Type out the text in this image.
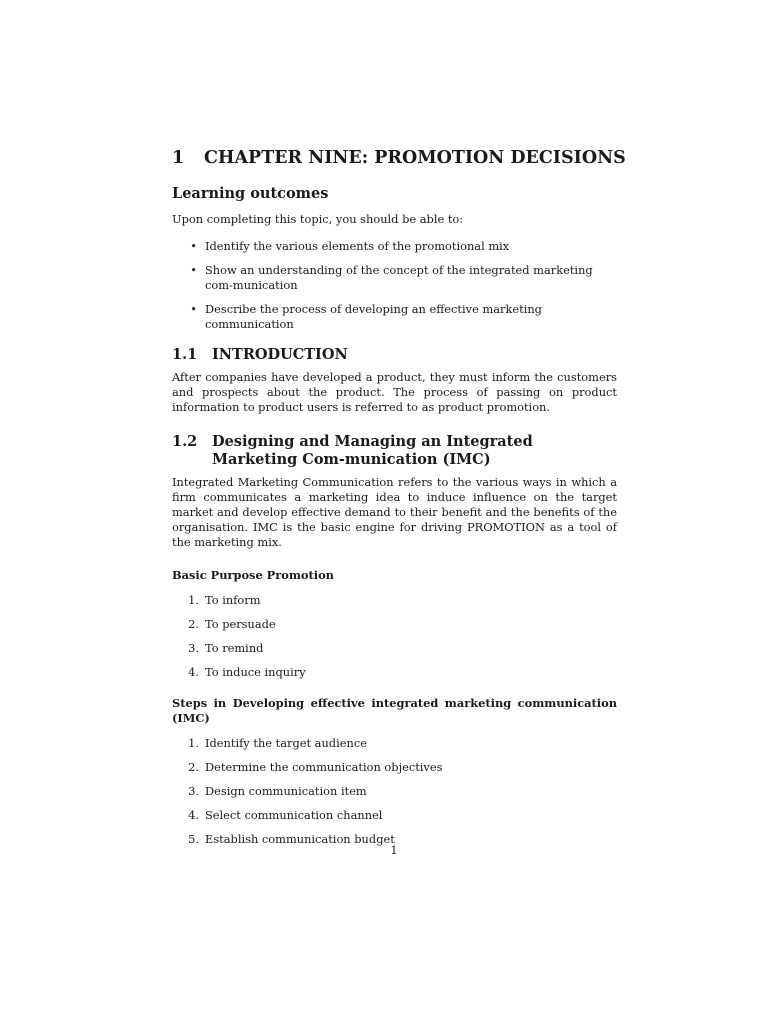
1 CHAPTER NINE: PROMOTION DECISIONS
Learning outcomes

Upon completing this topic, you should be able to:

• Identify the various elements of the promotional mix
• Show an understanding of the concept of the integrated marketing com-munication
• Describe the process of developing an effective marketing communication
1.1	INTRODUCTION

After companies have developed a product, they must inform the customers and prospects about the product. The process of passing on product information to product users is referred to as product promotion.

1.2	Designing and Managing an Integrated Marketing Com-munication (IMC)

Integrated Marketing Communication refers to the various ways in which a firm communicates a marketing idea to induce influence on the target market and develop effective demand to their benefit and the benefits of the organisation. IMC is the basic engine for driving PROMOTION as a tool of the marketing mix.

Basic Purpose Promotion
1. To inform
2. To persuade
3. To remind
4. To induce inquiry
Steps in Developing effective integrated marketing communication (IMC)
1. Identify the target audience
2. Determine the communication objectives
3. Design communication item
4. Select communication channel
5. Establish communication budget
1
